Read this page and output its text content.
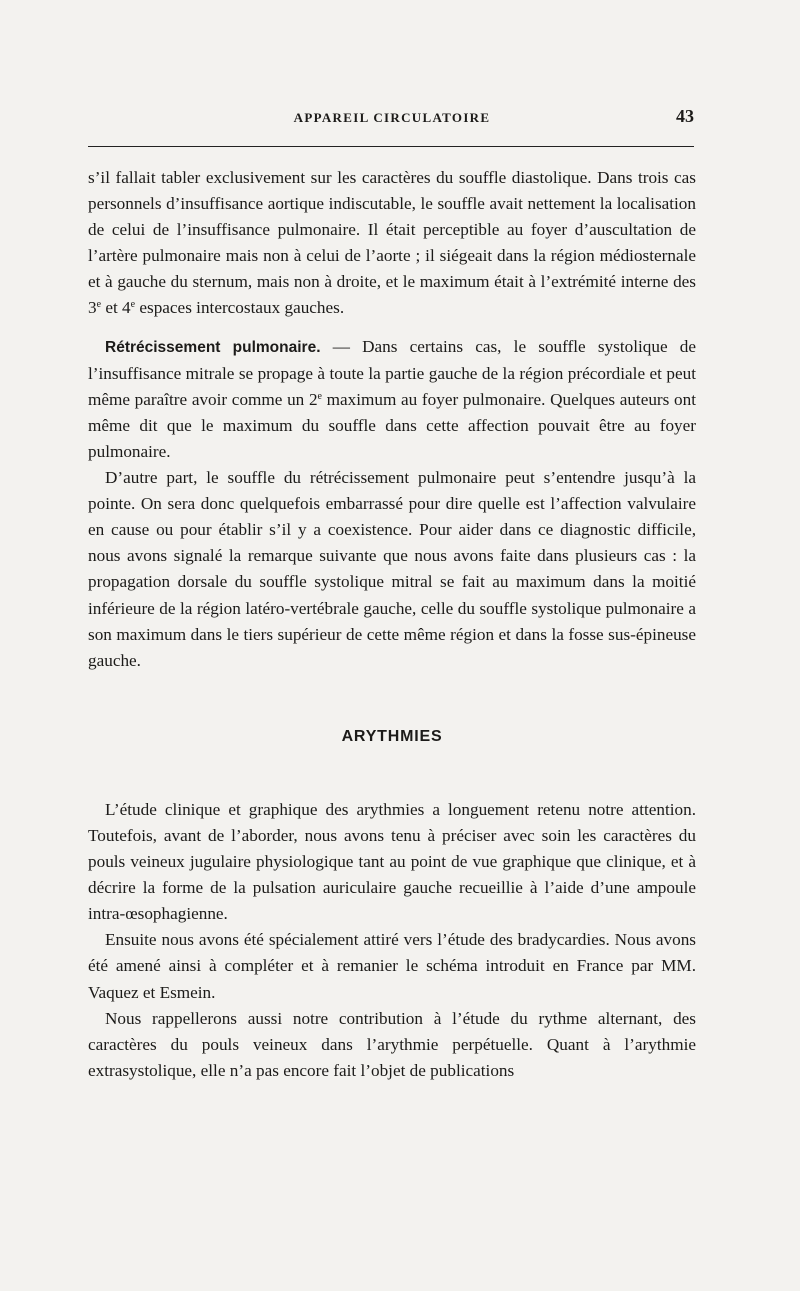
APPAREIL CIRCULATOIRE	43

s’il fallait tabler exclusivement sur les caractères du souffle diastolique. Dans trois cas personnels d’insuffisance aortique indiscutable, le souffle avait nettement la localisation de celui de l’insuffisance pulmonaire. Il était perceptible au foyer d’auscultation de l’artère pulmonaire mais non à celui de l’aorte ; il siégeait dans la région médiosternale et à gauche du sternum, mais non à droite, et le maximum était à l’extrémité interne des 3e et 4e espaces intercostaux gauches.

Rétrécissement pulmonaire. — Dans certains cas, le souffle systolique de l’insuffisance mitrale se propage à toute la partie gauche de la région précordiale et peut même paraître avoir comme un 2e maximum au foyer pulmonaire. Quelques auteurs ont même dit que le maximum du souffle dans cette affection pouvait être au foyer pulmonaire.

D’autre part, le souffle du rétrécissement pulmonaire peut s’entendre jusqu’à la pointe. On sera donc quelquefois embarrassé pour dire quelle est l’affection valvulaire en cause ou pour établir s’il y a coexistence. Pour aider dans ce diagnostic difficile, nous avons signalé la remarque suivante que nous avons faite dans plusieurs cas : la propagation dorsale du souffle systolique mitral se fait au maximum dans la moitié inférieure de la région latéro-vertébrale gauche, celle du souffle systolique pulmonaire a son maximum dans le tiers supérieur de cette même région et dans la fosse sus-épineuse gauche.

ARYTHMIES

L’étude clinique et graphique des arythmies a longuement retenu notre attention. Toutefois, avant de l’aborder, nous avons tenu à préciser avec soin les caractères du pouls veineux jugulaire physiologique tant au point de vue graphique que clinique, et à décrire la forme de la pulsation auriculaire gauche recueillie à l’aide d’une ampoule intra-œsophagienne.

Ensuite nous avons été spécialement attiré vers l’étude des bradycardies. Nous avons été amené ainsi à compléter et à remanier le schéma introduit en France par MM. Vaquez et Esmein.

Nous rappellerons aussi notre contribution à l’étude du rythme alternant, des caractères du pouls veineux dans l’arythmie perpétuelle. Quant à l’arythmie extrasystolique, elle n’a pas encore fait l’objet de publications
